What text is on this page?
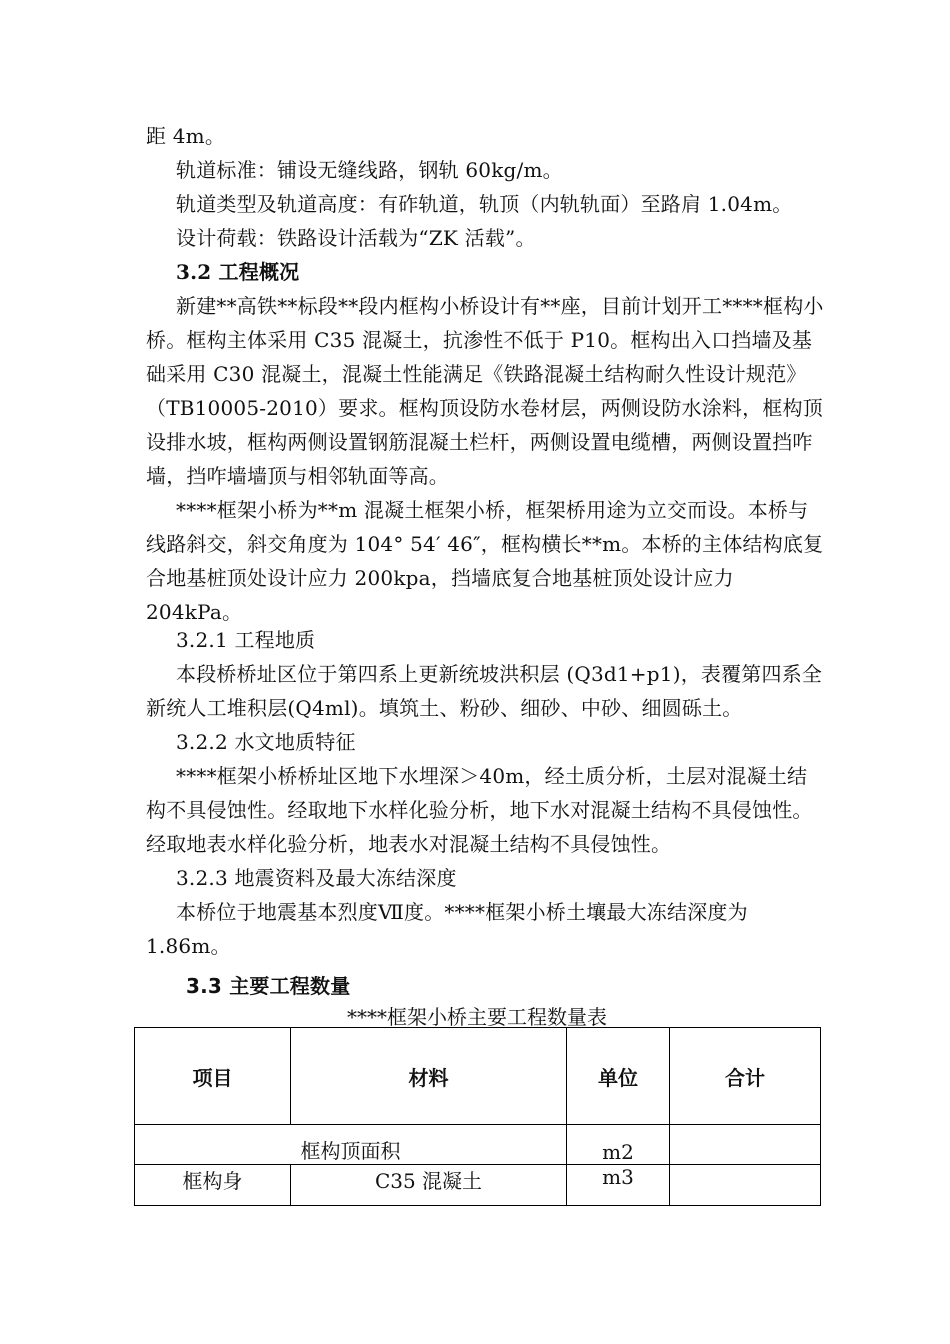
距 4m。

轨道标准：铺设无缝线路，钢轨 60kg/m。

轨道类型及轨道高度：有砟轨道，轨顶（内轨轨面）至路肩 1.04m。

设计荷载：铁路设计活载为“ZK 活载”。

3.2 工程概况

新建**高铁**标段**段内框构小桥设计有**座，目前计划开工****框构小桥。框构主体采用 C35 混凝土，抗渗性不低于 P10。框构出入口挡墙及基础采用 C30 混凝土，混凝土性能满足《铁路混凝土结构耐久性设计规范》（TB10005-2010）要求。框构顶设防水卷材层，两侧设防水涂料，框构顶设排水坡，框构两侧设置钢筋混凝土栏杆，两侧设置电缆槽，两侧设置挡咋墙，挡咋墙墙顶与相邻轨面等高。

****框架小桥为**m 混凝土框架小桥，框架桥用途为立交而设。本桥与线路斜交，斜交角度为 104° 54′ 46″，框构横长**m。本桥的主体结构底复合地基桩顶处设计应力 200kpa，挡墙底复合地基桩顶处设计应力 204kPa。

3.2.1 工程地质

本段桥桥址区位于第四系上更新统坡洪积层 (Q3d1+p1)，表覆第四系全新统人工堆积层(Q4ml)。填筑土、粉砂、细砂、中砂、细圆砾土。

3.2.2 水文地质特征

****框架小桥桥址区地下水埋深＞40m，经土质分析，土层对混凝土结构不具侵蚀性。经取地下水样化验分析，地下水对混凝土结构不具侵蚀性。经取地表水样化验分析，地表水对混凝土结构不具侵蚀性。

3.2.3 地震资料及最大冻结深度

本桥位于地震基本烈度Ⅶ度。****框架小桥土壤最大冻结深度为 1.86m。

3.3 主要工程数量

****框架小桥主要工程数量表
项目	材料	单位	合计
框构顶面积		m2	
框构身	C35 混凝土	m3	
